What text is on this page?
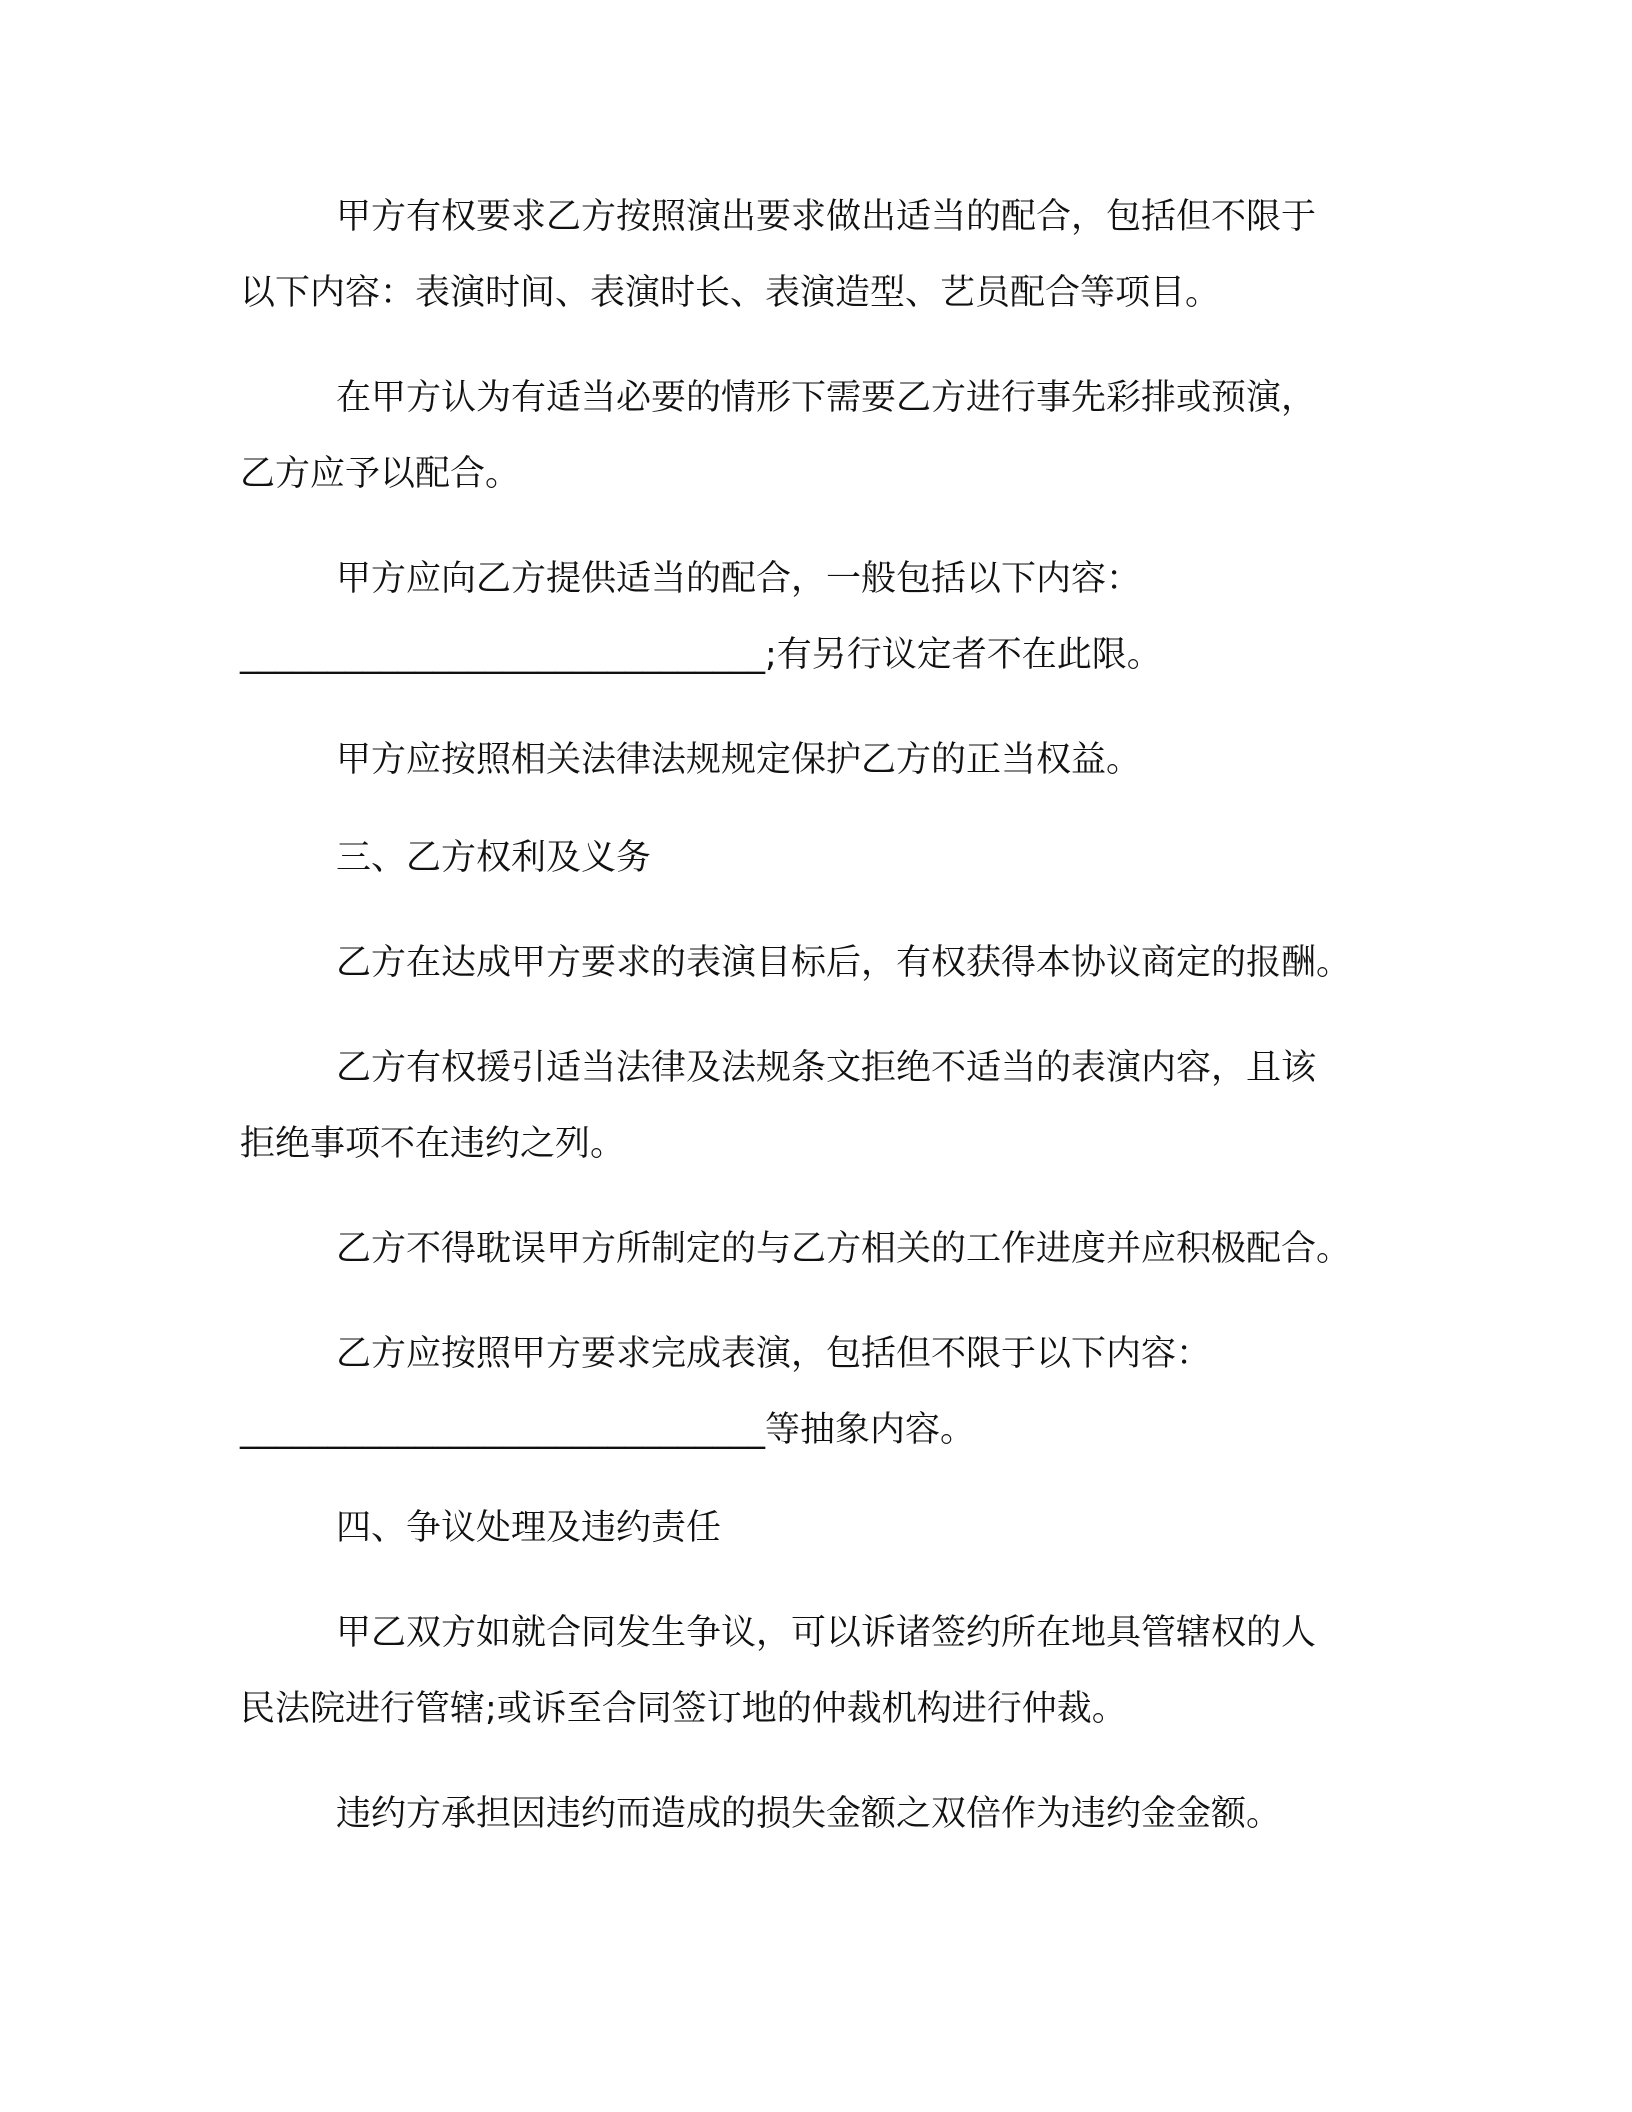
甲方有权要求乙方按照演出要求做出适当的配合，包括但不限于
以下内容：表演时间、表演时长、表演造型、艺员配合等项目。
在甲方认为有适当必要的情形下需要乙方进行事先彩排或预演，
乙方应予以配合。
甲方应向乙方提供适当的配合，一般包括以下内容：
______________________________;有另行议定者不在此限。
甲方应按照相关法律法规规定保护乙方的正当权益。
三、乙方权利及义务
乙方在达成甲方要求的表演目标后，有权获得本协议商定的报酬。
乙方有权援引适当法律及法规条文拒绝不适当的表演内容，且该
拒绝事项不在违约之列。
乙方不得耽误甲方所制定的与乙方相关的工作进度并应积极配合。
乙方应按照甲方要求完成表演，包括但不限于以下内容：
______________________________等抽象内容。
四、争议处理及违约责任
甲乙双方如就合同发生争议，可以诉诸签约所在地具管辖权的人
民法院进行管辖;或诉至合同签订地的仲裁机构进行仲裁。
违约方承担因违约而造成的损失金额之双倍作为违约金金额。
